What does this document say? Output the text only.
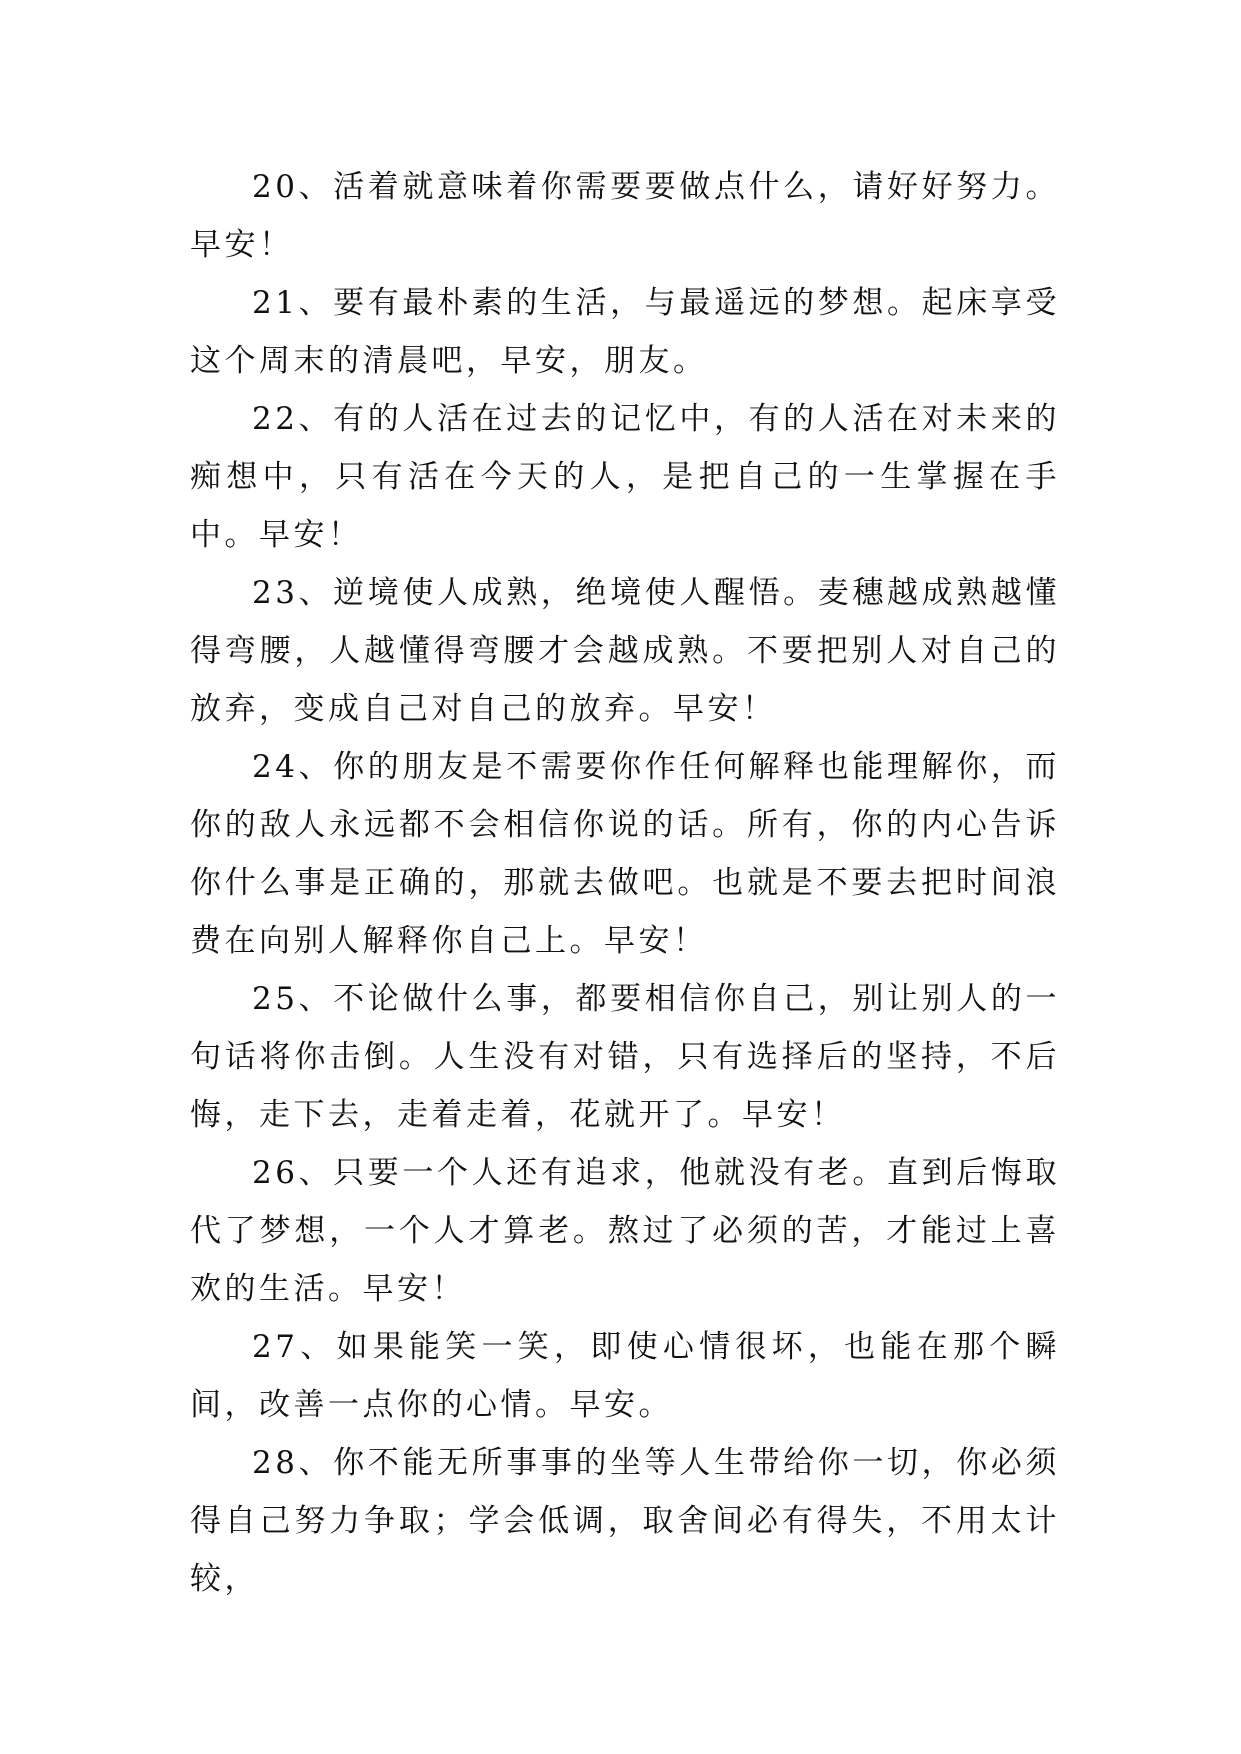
20、活着就意味着你需要要做点什么，请好好努力。早安！

21、要有最朴素的生活，与最遥远的梦想。起床享受这个周末的清晨吧，早安，朋友。

22、有的人活在过去的记忆中，有的人活在对未来的痴想中，只有活在今天的人，是把自己的一生掌握在手中。早安！

23、逆境使人成熟，绝境使人醒悟。麦穗越成熟越懂得弯腰，人越懂得弯腰才会越成熟。不要把别人对自己的放弃，变成自己对自己的放弃。早安！

24、你的朋友是不需要你作任何解释也能理解你，而你的敌人永远都不会相信你说的话。所有，你的内心告诉你什么事是正确的，那就去做吧。也就是不要去把时间浪费在向别人解释你自己上。早安！

25、不论做什么事，都要相信你自己，别让别人的一句话将你击倒。人生没有对错，只有选择后的坚持，不后悔，走下去，走着走着，花就开了。早安！

26、只要一个人还有追求，他就没有老。直到后悔取代了梦想，一个人才算老。熬过了必须的苦，才能过上喜欢的生活。早安！

27、如果能笑一笑，即使心情很坏，也能在那个瞬间，改善一点你的心情。早安。

28、你不能无所事事的坐等人生带给你一切，你必须得自己努力争取；学会低调，取舍间必有得失，不用太计较，
